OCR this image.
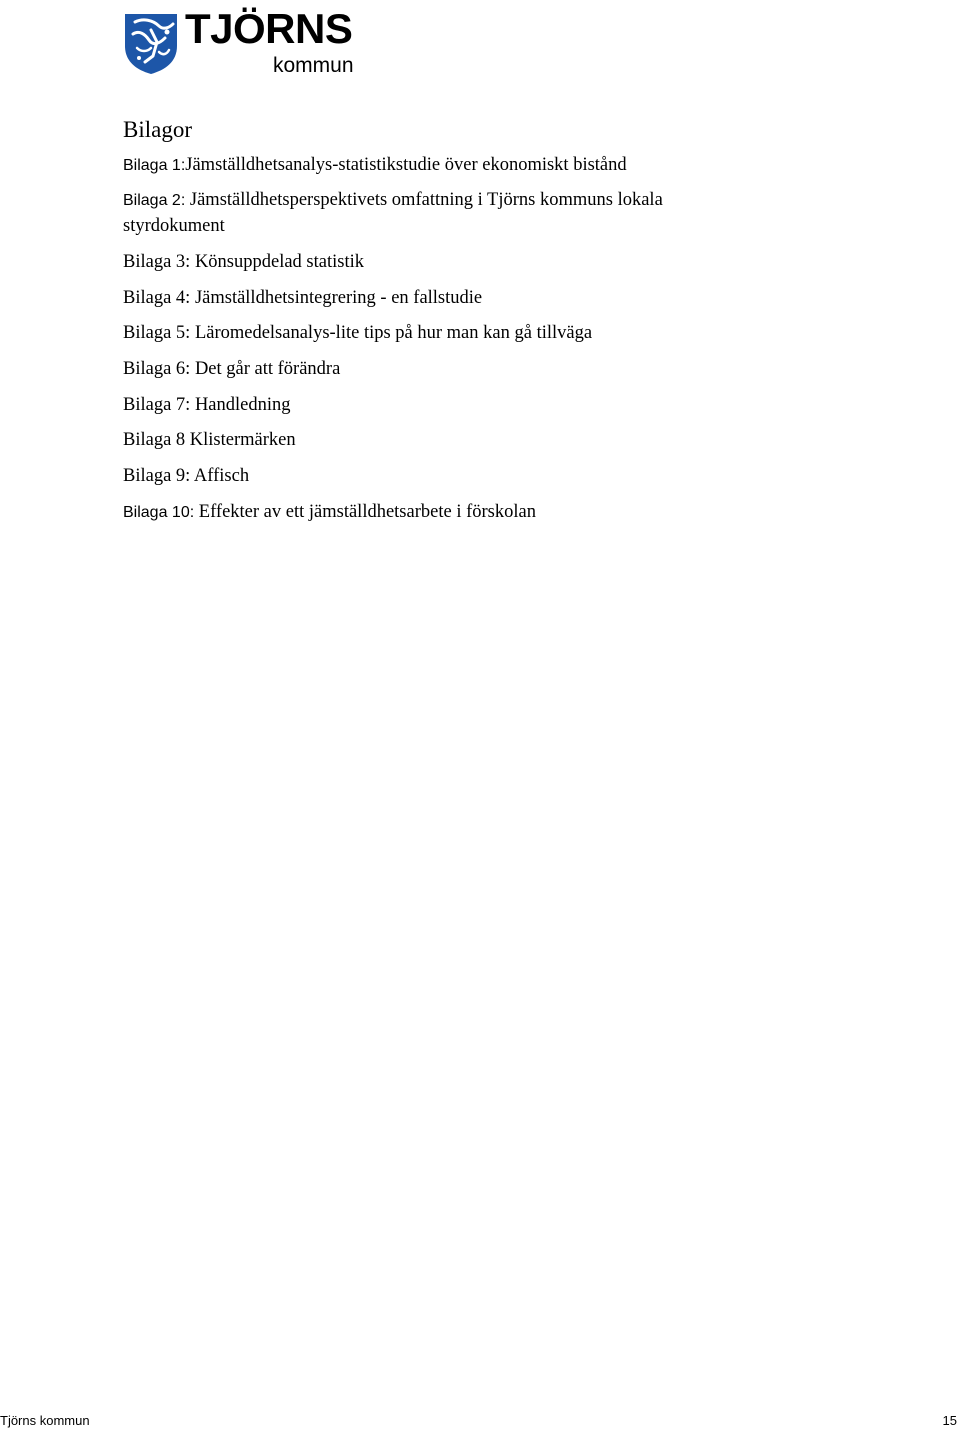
TJÖRNS
kommun
Bilagor

Bilaga 1:Jämställdhetsanalys-statistikstudie över ekonomiskt bistånd

Bilaga 2: Jämställdhetsperspektivets omfattning i Tjörns kommuns lokala

styrdokument

Bilaga 3: Könsuppdelad statistik

Bilaga 4: Jämställdhetsintegrering - en fallstudie

Bilaga 5: Läromedelsanalys-lite tips på hur man kan gå tillväga

Bilaga 6: Det går att förändra

Bilaga 7: Handledning

Bilaga 8 Klistermärken

Bilaga 9: Affisch

Bilaga 10: Effekter av ett jämställdhetsarbete i förskolan

Tjörns kommun	15
